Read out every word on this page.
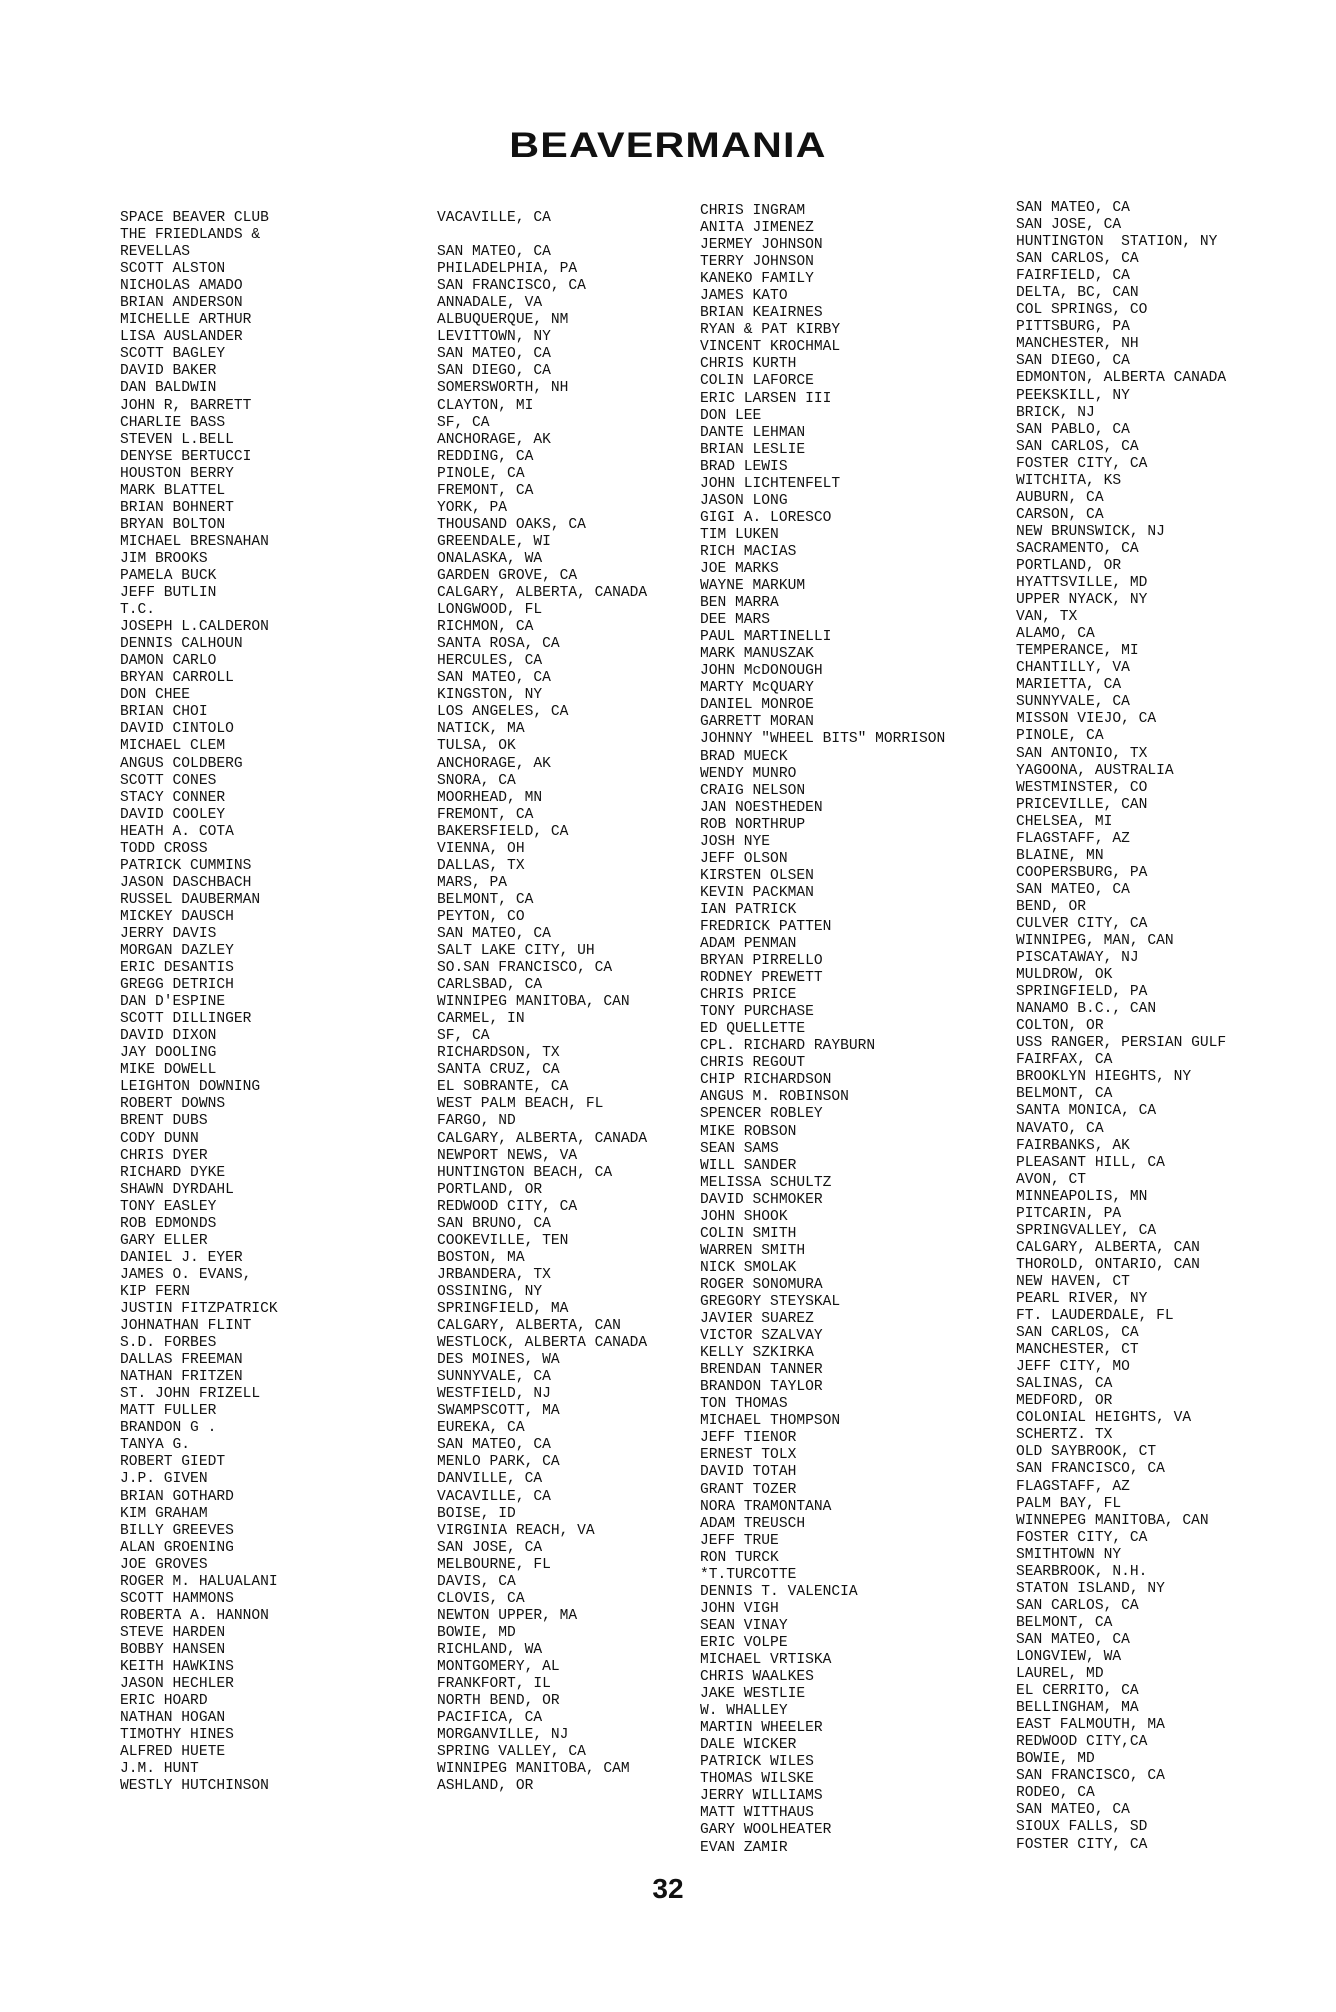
BEAVERMANIA
SPACE BEAVER CLUB
THE FRIEDLANDS &
REVELLAS
SCOTT ALSTON
NICHOLAS AMADO
BRIAN ANDERSON
MICHELLE ARTHUR
LISA AUSLANDER
SCOTT BAGLEY
DAVID BAKER
DAN BALDWIN
JOHN R, BARRETT
CHARLIE BASS
STEVEN L.BELL
DENYSE BERTUCCI
HOUSTON BERRY
MARK BLATTEL
BRIAN BOHNERT
BRYAN BOLTON
MICHAEL BRESNAHAN
JIM BROOKS
PAMELA BUCK
JEFF BUTLIN
T.C.
JOSEPH L.CALDERON
DENNIS CALHOUN
DAMON CARLO
BRYAN CARROLL
DON CHEE
BRIAN CHOI
DAVID CINTOLO
MICHAEL CLEM
ANGUS COLDBERG
SCOTT CONES
STACY CONNER
DAVID COOLEY
HEATH A. COTA
TODD CROSS
PATRICK CUMMINS
JASON DASCHBACH
RUSSEL DAUBERMAN
MICKEY DAUSCH
JERRY DAVIS
MORGAN DAZLEY
ERIC DESANTIS
GREGG DETRICH
DAN D'ESPINE
SCOTT DILLINGER
DAVID DIXON
JAY DOOLING
MIKE DOWELL
LEIGHTON DOWNING
ROBERT DOWNS
BRENT DUBS
CODY DUNN
CHRIS DYER
RICHARD DYKE
SHAWN DYRDAHL
TONY EASLEY
ROB EDMONDS
GARY ELLER
DANIEL J. EYER
JAMES O. EVANS,
KIP FERN
JUSTIN FITZPATRICK
JOHNATHAN FLINT
S.D. FORBES
DALLAS FREEMAN
NATHAN FRITZEN
ST. JOHN FRIZELL
MATT FULLER
BRANDON G .
TANYA G.
ROBERT GIEDT
J.P. GIVEN
BRIAN GOTHARD
KIM GRAHAM
BILLY GREEVES
ALAN GROENING
JOE GROVES
ROGER M. HALUALANI
SCOTT HAMMONS
ROBERTA A. HANNON
STEVE HARDEN
BOBBY HANSEN
KEITH HAWKINS
JASON HECHLER
ERIC HOARD
NATHAN HOGAN
TIMOTHY HINES
ALFRED HUETE
J.M. HUNT
WESTLY HUTCHINSON
VACAVILLE, CA
SAN MATEO, CA
PHILADELPHIA, PA
SAN FRANCISCO, CA
ANNADALE, VA
ALBUQUERQUE, NM
LEVITTOWN, NY
SAN MATEO, CA
SAN DIEGO, CA
SOMERSWORTH, NH
CLAYTON, MI
SF, CA
ANCHORAGE, AK
REDDING, CA
PINOLE, CA
FREMONT, CA
YORK, PA
THOUSAND OAKS, CA
GREENDALE, WI
ONALASKA, WA
GARDEN GROVE, CA
CALGARY, ALBERTA, CANADA
LONGWOOD, FL
RICHMON, CA
SANTA ROSA, CA
HERCULES, CA
SAN MATEO, CA
KINGSTON, NY
LOS ANGELES, CA
NATICK, MA
TULSA, OK
ANCHORAGE, AK
SNORA, CA
MOORHEAD, MN
FREMONT, CA
BAKERSFIELD, CA
VIENNA, OH
DALLAS, TX
MARS, PA
BELMONT, CA
PEYTON, CO
SAN MATEO, CA
SALT LAKE CITY, UH
SO.SAN FRANCISCO, CA
CARLSBAD, CA
WINNIPEG MANITOBA, CAN
CARMEL, IN
SF, CA
RICHARDSON, TX
SANTA CRUZ, CA
EL SOBRANTE, CA
WEST PALM BEACH, FL
FARGO, ND
CALGARY, ALBERTA, CANADA
NEWPORT NEWS, VA
HUNTINGTON BEACH, CA
PORTLAND, OR
REDWOOD CITY, CA
SAN BRUNO, CA
COOKEVILLE, TEN
BOSTON, MA
JRBANDERA, TX
OSSINING, NY
SPRINGFIELD, MA
CALGARY, ALBERTA, CAN
WESTLOCK, ALBERTA CANADA
DES MOINES, WA
SUNNYVALE, CA
WESTFIELD, NJ
SWAMPSCOTT, MA
EUREKA, CA
SAN MATEO, CA
MENLO PARK, CA
DANVILLE, CA
VACAVILLE, CA
BOISE, ID
VIRGINIA REACH, VA
SAN JOSE, CA
MELBOURNE, FL
DAVIS, CA
CLOVIS, CA
NEWTON UPPER, MA
BOWIE, MD
RICHLAND, WA
MONTGOMERY, AL
FRANKFORT, IL
NORTH BEND, OR
PACIFICA, CA
MORGANVILLE, NJ
SPRING VALLEY, CA
WINNIPEG MANITOBA, CAM
ASHLAND, OR
CHRIS INGRAM
ANITA JIMENEZ
JERMEY JOHNSON
TERRY JOHNSON
KANEKO FAMILY
JAMES KATO
BRIAN KEAIRNES
RYAN & PAT KIRBY
VINCENT KROCHMAL
CHRIS KURTH
COLIN LAFORCE
ERIC LARSEN III
DON LEE
DANTE LEHMAN
BRIAN LESLIE
BRAD LEWIS
JOHN LICHTENFELT
JASON LONG
GIGI A. LORESCO
TIM LUKEN
RICH MACIAS
JOE MARKS
WAYNE MARKUM
BEN MARRA
DEE MARS
PAUL MARTINELLI
MARK MANUSZAK
JOHN McDONOUGH
MARTY McQUARY
DANIEL MONROE
GARRETT MORAN
JOHNNY "WHEEL BITS" MORRISON
BRAD MUECK
WENDY MUNRO
CRAIG NELSON
JAN NOESTHEDEN
ROB NORTHRUP
JOSH NYE
JEFF OLSON
KIRSTEN OLSEN
KEVIN PACKMAN
IAN PATRICK
FREDRICK PATTEN
ADAM PENMAN
BRYAN PIRRELLO
RODNEY PREWETT
CHRIS PRICE
TONY PURCHASE
ED QUELLETTE
CPL. RICHARD RAYBURN
CHRIS REGOUT
CHIP RICHARDSON
ANGUS M. ROBINSON
SPENCER ROBLEY
MIKE ROBSON
SEAN SAMS
WILL SANDER
MELISSA SCHULTZ
DAVID SCHMOKER
JOHN SHOOK
COLIN SMITH
WARREN SMITH
NICK SMOLAK
ROGER SONOMURA
GREGORY STEYSKAL
JAVIER SUAREZ
VICTOR SZALVAY
KELLY SZKIRKA
BRENDAN TANNER
BRANDON TAYLOR
TON THOMAS
MICHAEL THOMPSON
JEFF TIENOR
ERNEST TOLX
DAVID TOTAH
GRANT TOZER
NORA TRAMONTANA
ADAM TREUSCH
JEFF TRUE
RON TURCK
*T.TURCOTTE
DENNIS T. VALENCIA
JOHN VIGH
SEAN VINAY
ERIC VOLPE
MICHAEL VRTISKA
CHRIS WAALKES
JAKE WESTLIE
W. WHALLEY
MARTIN WHEELER
DALE WICKER
PATRICK WILES
THOMAS WILSKE
JERRY WILLIAMS
MATT WITTHAUS
GARY WOOLHEATER
EVAN ZAMIR
SAN MATEO, CA
SAN JOSE, CA
HUNTINGTON  STATION, NY
SAN CARLOS, CA
FAIRFIELD, CA
DELTA, BC, CAN
COL SPRINGS, CO
PITTSBURG, PA
MANCHESTER, NH
SAN DIEGO, CA
EDMONTON, ALBERTA CANADA
PEEKSKILL, NY
BRICK, NJ
SAN PABLO, CA
SAN CARLOS, CA
FOSTER CITY, CA
WITCHITA, KS
AUBURN, CA
CARSON, CA
NEW BRUNSWICK, NJ
SACRAMENTO, CA
PORTLAND, OR
HYATTSVILLE, MD
UPPER NYACK, NY
VAN, TX
ALAMO, CA
TEMPERANCE, MI
CHANTILLY, VA
MARIETTA, CA
SUNNYVALE, CA
MISSON VIEJO, CA
PINOLE, CA
SAN ANTONIO, TX
YAGOONA, AUSTRALIA
WESTMINSTER, CO
PRICEVILLE, CAN
CHELSEA, MI
FLAGSTAFF, AZ
BLAINE, MN
COOPERSBURG, PA
SAN MATEO, CA
BEND, OR
CULVER CITY, CA
WINNIPEG, MAN, CAN
PISCATAWAY, NJ
MULDROW, OK
SPRINGFIELD, PA
NANAMO B.C., CAN
COLTON, OR
USS RANGER, PERSIAN GULF
FAIRFAX, CA
BROOKLYN HIEGHTS, NY
BELMONT, CA
SANTA MONICA, CA
NAVATO, CA
FAIRBANKS, AK
PLEASANT HILL, CA
AVON, CT
MINNEAPOLIS, MN
PITCARIN, PA
SPRINGVALLEY, CA
CALGARY, ALBERTA, CAN
THOROLD, ONTARIO, CAN
NEW HAVEN, CT
PEARL RIVER, NY
FT. LAUDERDALE, FL
SAN CARLOS, CA
MANCHESTER, CT
JEFF CITY, MO
SALINAS, CA
MEDFORD, OR
COLONIAL HEIGHTS, VA
SCHERTZ. TX
OLD SAYBROOK, CT
SAN FRANCISCO, CA
FLAGSTAFF, AZ
PALM BAY, FL
WINNEPEG MANITOBA, CAN
FOSTER CITY, CA
SMITHTOWN NY
SEARBROOK, N.H.
STATON ISLAND, NY
SAN CARLOS, CA
BELMONT, CA
SAN MATEO, CA
LONGVIEW, WA
LAUREL, MD
EL CERRITO, CA
BELLINGHAM, MA
EAST FALMOUTH, MA
REDWOOD CITY,CA
BOWIE, MD
SAN FRANCISCO, CA
RODEO, CA
SAN MATEO, CA
SIOUX FALLS, SD
FOSTER CITY, CA
32
